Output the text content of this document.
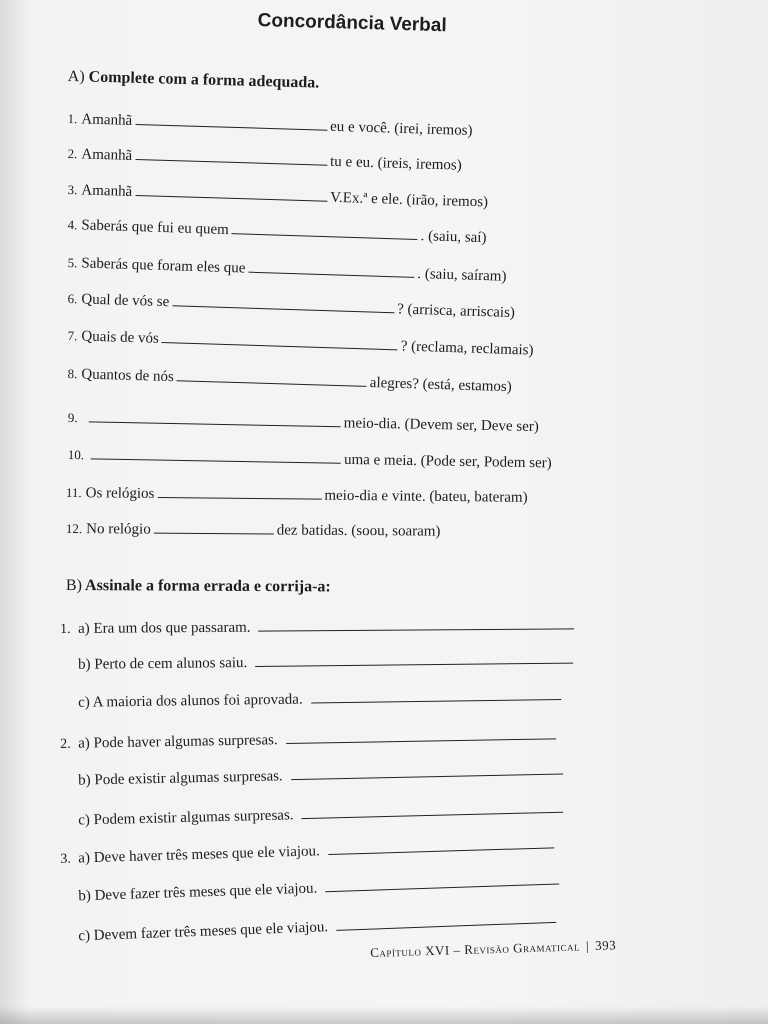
Concordância Verbal
A) Complete com a forma adequada.
1. Amanhã	eu e você. (irei, iremos)
2. Amanhã	tu e eu. (ireis, iremos)
3. Amanhã	V.Ex.ª e ele. (irão, iremos)
4. Saberás que fui eu quem	. (saiu, saí)
5. Saberás que foram eles que	. (saiu, saíram)
6. Qual de vós se
? (arrisca, arriscais)
7. Quais de vós
? (reclama, reclamais)
8. Quantos de nós	alegres? (está, estamos)
9.	meio-dia. (Devem ser, Deve ser)
10.	uma e meia. (Pode ser, Podem ser)
11. Os relógios	meio-dia e vinte. (bateu, bateram)
12. No relógio	dez batidas. (soou, soaram)
B) Assinale a forma errada e corrija-a:
1. a) Era um dos que passaram.
b) Perto de cem alunos saiu.
c) A maioria dos alunos foi aprovada.
2. a) Pode haver algumas surpresas.
b) Pode existir algumas surpresas.
c) Podem existir algumas surpresas.
3. a) Deve haver três meses que ele viajou.
b) Deve fazer três meses que ele viajou.
c) Devem fazer três meses que ele viajou.
Capítulo XVI – Revisão Gramatical | 393
